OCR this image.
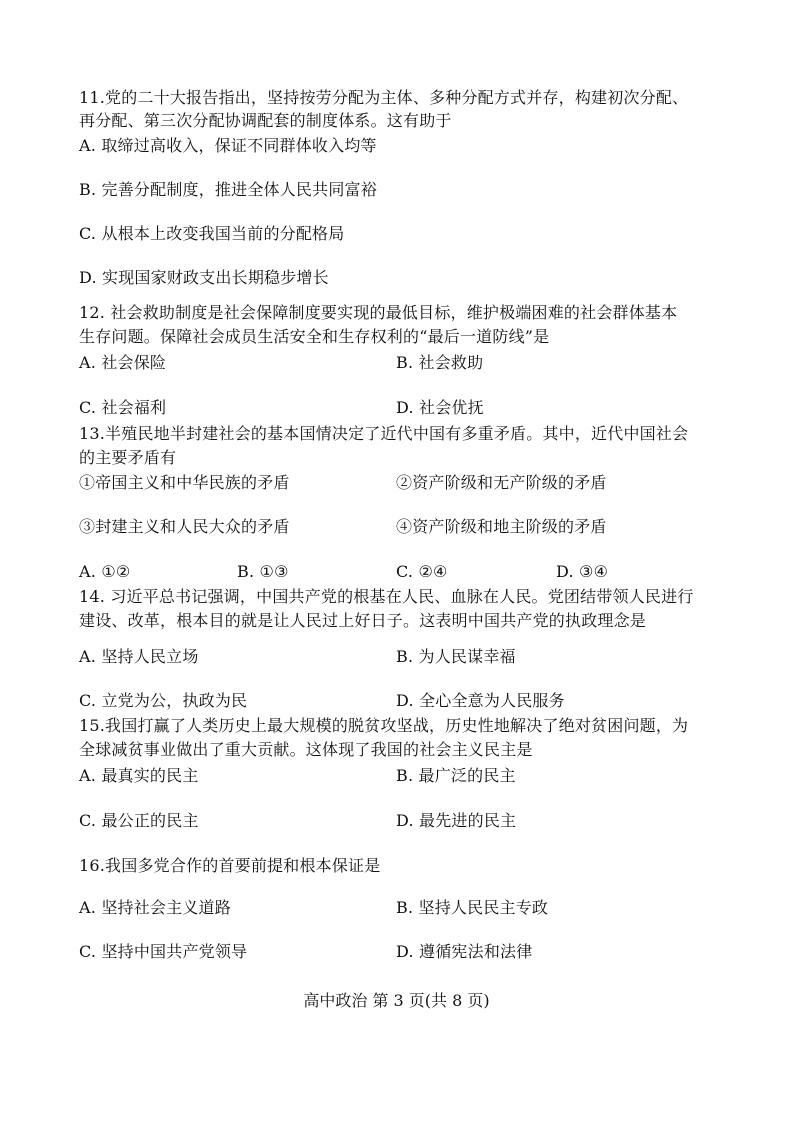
11.党的二十大报告指出，坚持按劳分配为主体、多种分配方式并存，构建初次分配、
再分配、第三次分配协调配套的制度体系。这有助于
A. 取缔过高收入，保证不同群体收入均等
B. 完善分配制度，推进全体人民共同富裕
C. 从根本上改变我国当前的分配格局
D. 实现国家财政支出长期稳步增长
12. 社会救助制度是社会保障制度要实现的最低目标，维护极端困难的社会群体基本
生存问题。保障社会成员生活安全和生存权利的“最后一道防线”是
A. 社会保险	B. 社会救助
C. 社会福利	D. 社会优抚
13.半殖民地半封建社会的基本国情决定了近代中国有多重矛盾。其中，近代中国社会
的主要矛盾有
①帝国主义和中华民族的矛盾	②资产阶级和无产阶级的矛盾
③封建主义和人民大众的矛盾	④资产阶级和地主阶级的矛盾
A. ①②	B. ①③	C. ②④	D. ③④
14. 习近平总书记强调，中国共产党的根基在人民、血脉在人民。党团结带领人民进行
建设、改革，根本目的就是让人民过上好日子。这表明中国共产党的执政理念是
A. 坚持人民立场	B. 为人民谋幸福
C. 立党为公，执政为民	D. 全心全意为人民服务
15.我国打赢了人类历史上最大规模的脱贫攻坚战，历史性地解决了绝对贫困问题，为
全球减贫事业做出了重大贡献。这体现了我国的社会主义民主是
A. 最真实的民主	B. 最广泛的民主
C. 最公正的民主	D. 最先进的民主
16.我国多党合作的首要前提和根本保证是
A. 坚持社会主义道路	B. 坚持人民民主专政
C. 坚持中国共产党领导	D. 遵循宪法和法律
高中政治 第 3 页(共 8 页)
